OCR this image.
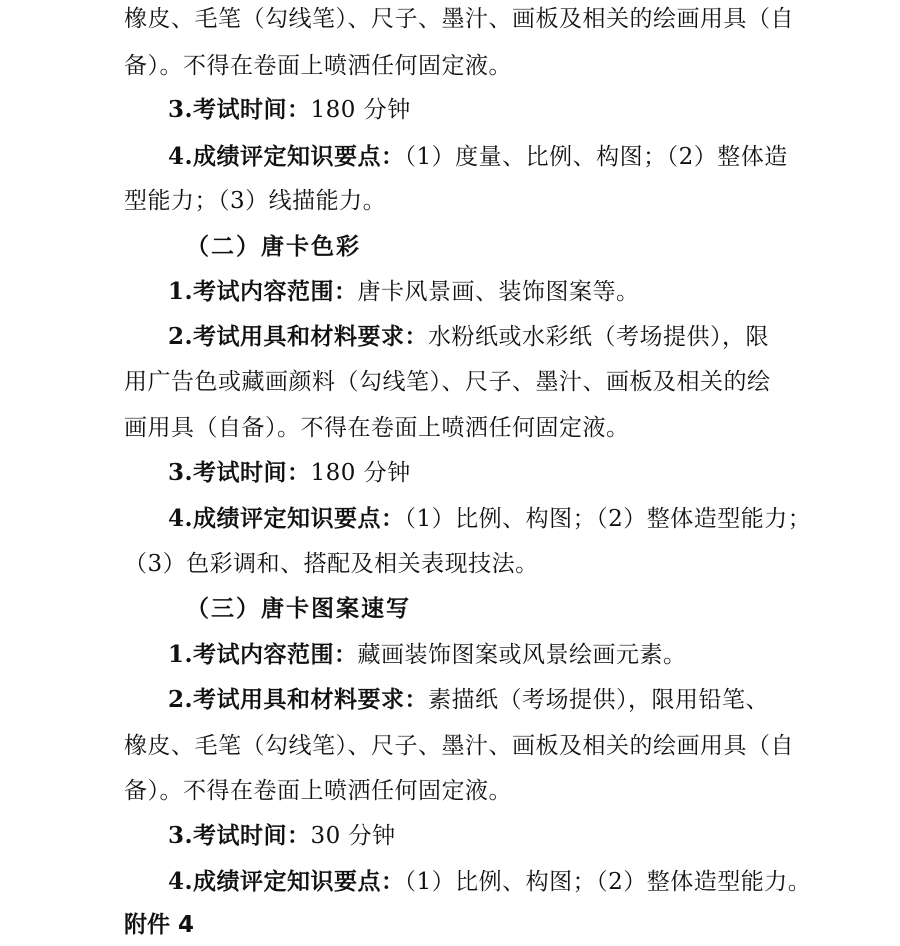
橡皮、毛笔（勾线笔）、尺子、墨汁、画板及相关的绘画用具（自
备）。不得在卷面上喷洒任何固定液。
3.考试时间：180 分钟
4.成绩评定知识要点：（1）度量、比例、构图；（2）整体造
型能力；（3）线描能力。
（二）唐卡色彩
1.考试内容范围：唐卡风景画、装饰图案等。
2.考试用具和材料要求：水粉纸或水彩纸（考场提供），限
用广告色或藏画颜料（勾线笔）、尺子、墨汁、画板及相关的绘
画用具（自备）。不得在卷面上喷洒任何固定液。
3.考试时间：180 分钟
4.成绩评定知识要点：（1）比例、构图；（2）整体造型能力；
（3）色彩调和、搭配及相关表现技法。
（三）唐卡图案速写
1.考试内容范围：藏画装饰图案或风景绘画元素。
2.考试用具和材料要求：素描纸（考场提供），限用铅笔、
橡皮、毛笔（勾线笔）、尺子、墨汁、画板及相关的绘画用具（自
备）。不得在卷面上喷洒任何固定液。
3.考试时间：30 分钟
4.成绩评定知识要点：（1）比例、构图；（2）整体造型能力。
附件 4
